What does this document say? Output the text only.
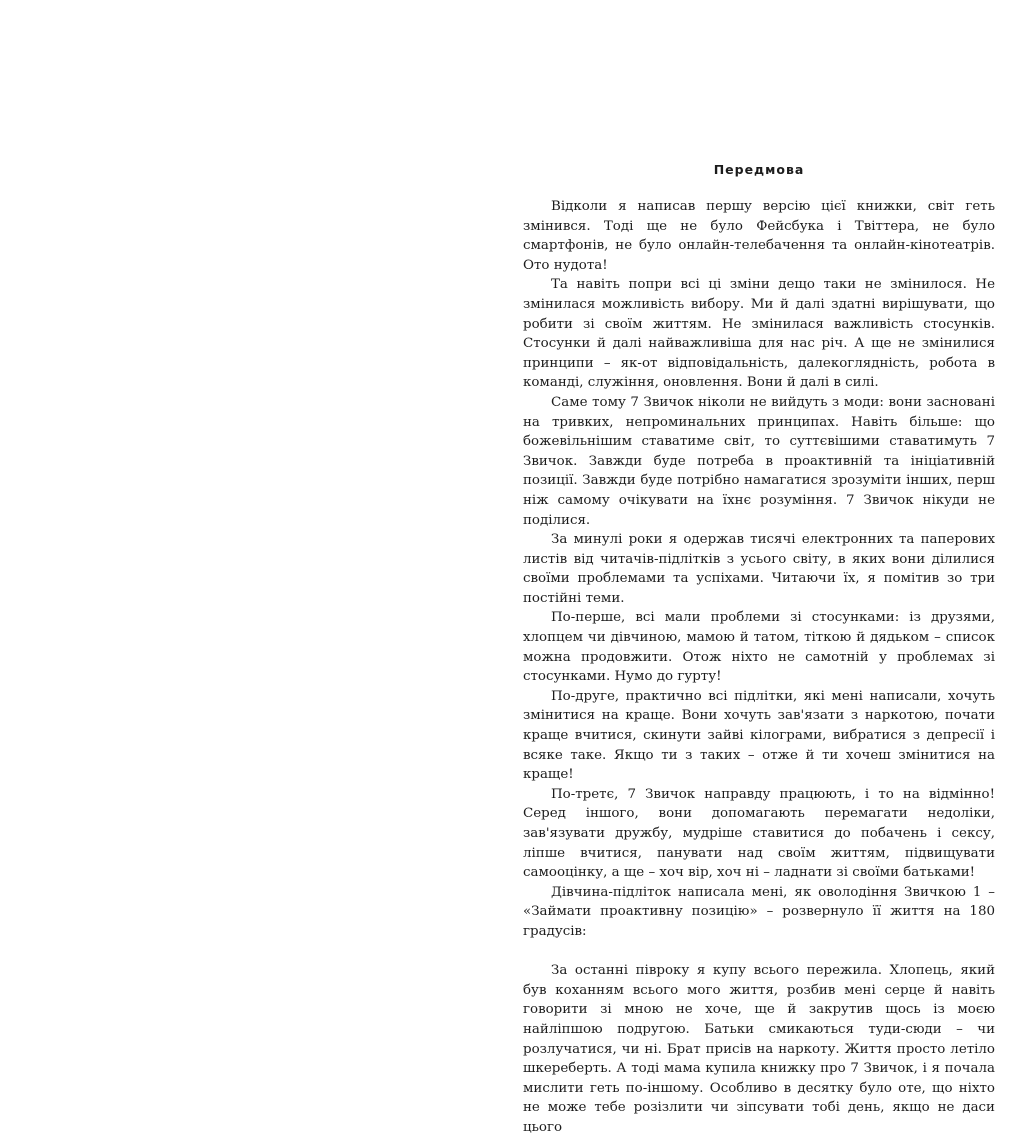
Передмова

Відколи я написав першу версію цієї книжки, світ геть змінився. Тоді ще не було Фейсбука і Твіттера, не було смартфонів, не було онлайн-телебачення та онлайн-кінотеатрів. Ото нудота!

Та навіть попри всі ці зміни дещо таки не змінилося. Не змінилася можливість вибору. Ми й далі здатні вирішувати, що робити зі своїм життям. Не змінилася важливість стосунків. Стосунки й далі найважливіша для нас річ. А ще не змінилися принципи – як-от відповідальність, далекоглядність, робота в команді, служіння, оновлення. Вони й далі в силі.

Саме тому 7 Звичок ніколи не вийдуть з моди: вони засновані на тривких, непроминальних принципах. Навіть більше: що божевільнішим ставатиме світ, то суттєвішими ставатимуть 7 Звичок. Завжди буде потреба в проактивній та ініціативній позиції. Завжди буде потрібно намагатися зрозуміти інших, перш ніж самому очікувати на їхнє розуміння. 7 Звичок нікуди не поділися.

За минулі роки я одержав тисячі електронних та паперових листів від читачів-підлітків з усього світу, в яких вони ділилися своїми проблемами та успіхами. Читаючи їх, я помітив зо три постійні теми.

По-перше, всі мали проблеми зі стосунками: із друзями, хлопцем чи дівчиною, мамою й татом, тіткою й дядьком – список можна продовжити. Отож ніхто не самотній у проблемах зі стосунками. Нумо до гурту!

По-друге, практично всі підлітки, які мені написали, хочуть змінитися на краще. Вони хочуть зав'язати з наркотою, почати краще вчитися, скинути зайві кілограми, вибратися з депресії і всяке таке. Якщо ти з таких – отже й ти хочеш змінитися на краще!

По-третє, 7 Звичок направду працюють, і то на відмінно! Серед іншого, вони допомагають перемагати недоліки, зав'язувати дружбу, мудріше ставитися до побачень і сексу, ліпше вчитися, панувати над своїм життям, підвищувати самооцінку, а ще – хоч вір, хоч ні – ладнати зі своїми батьками!

Дівчина-підліток написала мені, як оволодіння Звичкою 1 – «Займати проактивну позицію» – розвернуло її життя на 180 градусів:

За останні півроку я купу всього пережила. Хлопець, який був коханням всього мого життя, розбив мені серце й навіть говорити зі мною не хоче, ще й закрутив щось із моєю найліпшою подругою. Батьки смикаються туди-сюди – чи розлучатися, чи ні. Брат присів на наркоту. Життя просто летіло шкереберть. А тоді мама купила книжку про 7 Звичок, і я почала мислити геть по-іншому. Особливо в десятку було оте, що ніхто не може тебе розізлити чи зіпсувати тобі день, якщо не даси цього
